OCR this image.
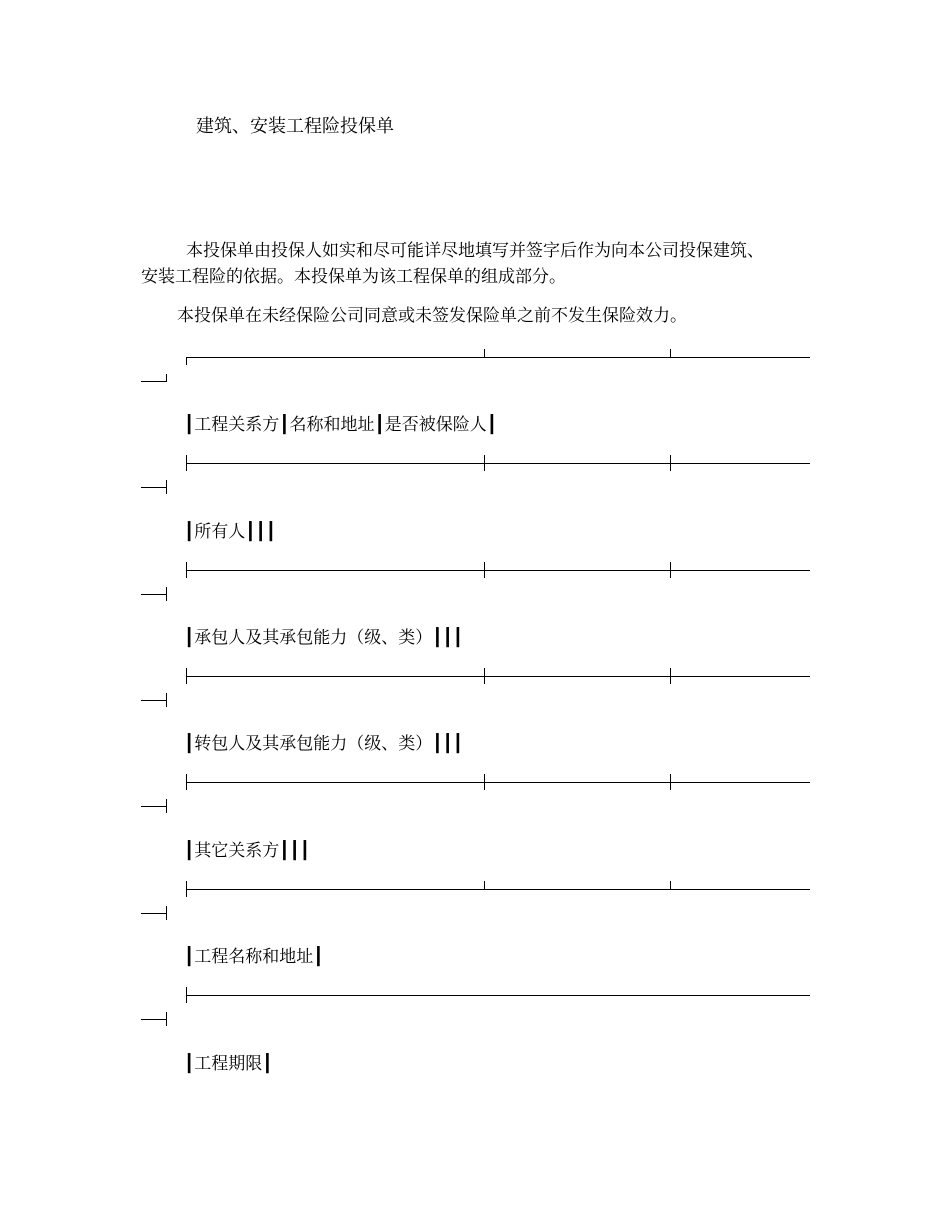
建筑、安装工程险投保单
本投保单由投保人如实和尽可能详尽地填写并签字后作为向本公司投保建筑、
安装工程险的依据。本投保单为该工程保单的组成部分。
本投保单在未经保险公司同意或未签发保险单之前不发生保险效力。
┃工程关系方┃名称和地址┃是否被保险人┃
┃所有人┃┃┃
┃承包人及其承包能力（级、类）┃┃┃
┃转包人及其承包能力（级、类）┃┃┃
┃其它关系方┃┃┃
┃工程名称和地址┃
┃工程期限┃
